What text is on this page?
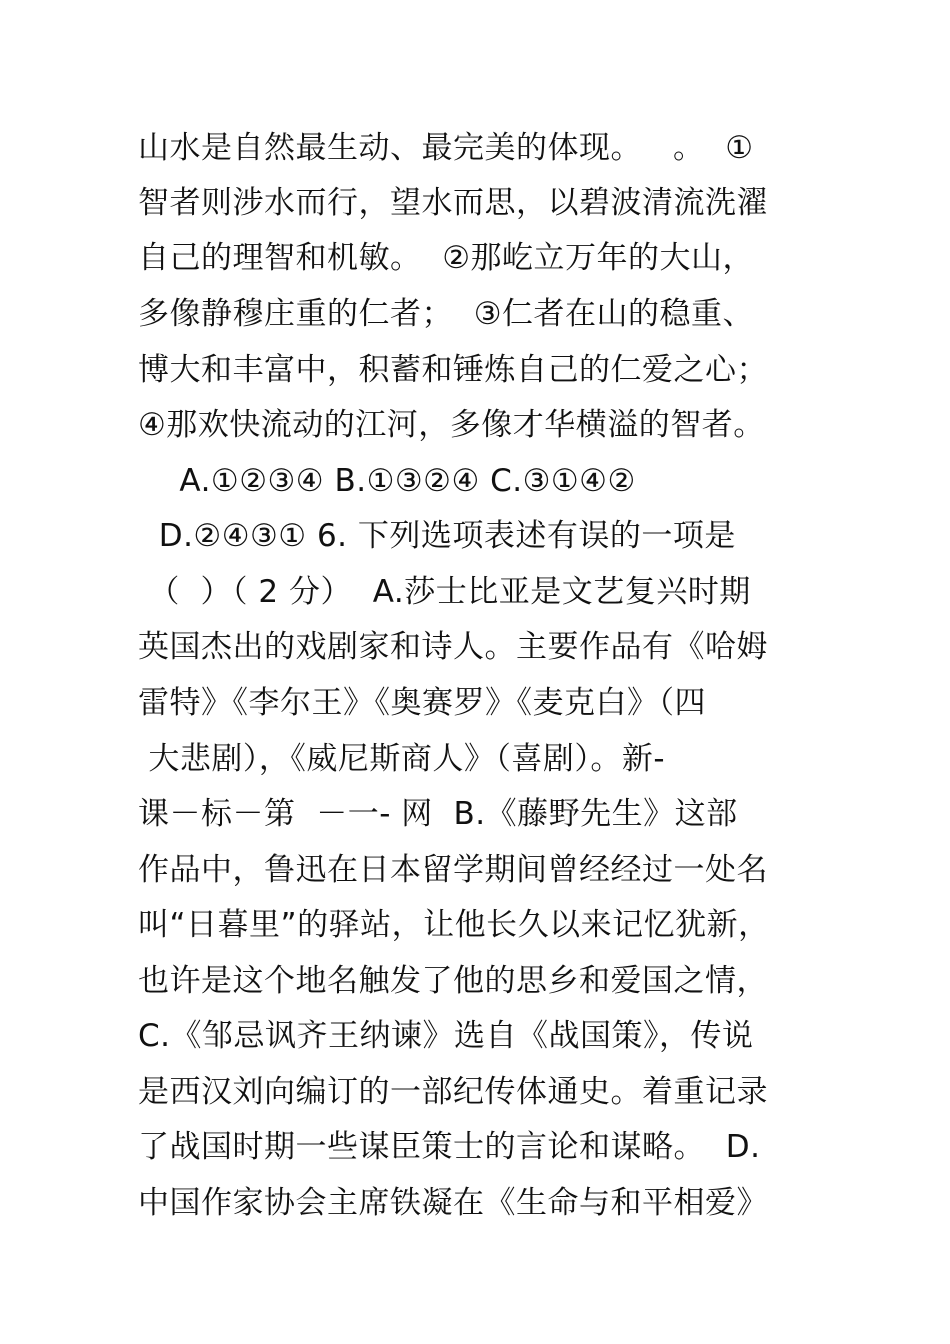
山水是自然最生动、最完美的体现。   。  ①
智者则涉水而行，望水而思，以碧波清流洗濯
自己的理智和机敏。  ②那屹立万年的大山，
多像静穆庄重的仁者；  ③仁者在山的稳重、
博大和丰富中，积蓄和锤炼自己的仁爱之心；
④那欢快流动的江河，多像才华横溢的智者。
A.①②③④ B.①③②④ C.③①④②
D.②④③① 6. 下列选项表述有误的一项是
（  ）（ 2 分）  A.莎士比亚是文艺复兴时期
英国杰出的戏剧家和诗人。主要作品有《哈姆
雷特》《李尔王》《奥赛罗》《麦克白》（四
大悲剧），《威尼斯商人》（喜剧）。新-
课－标－第  －一- 网  B.《藤野先生》这部
作品中，鲁迅在日本留学期间曾经经过一处名
叫“日暮里”的驿站，让他长久以来记忆犹新，
也许是这个地名触发了他的思乡和爱国之情，
C.《邹忌讽齐王纳谏》选自《战国策》，传说
是西汉刘向编订的一部纪传体通史。着重记录
了战国时期一些谋臣策士的言论和谋略。  D.
中国作家协会主席铁凝在《生命与和平相爱》
